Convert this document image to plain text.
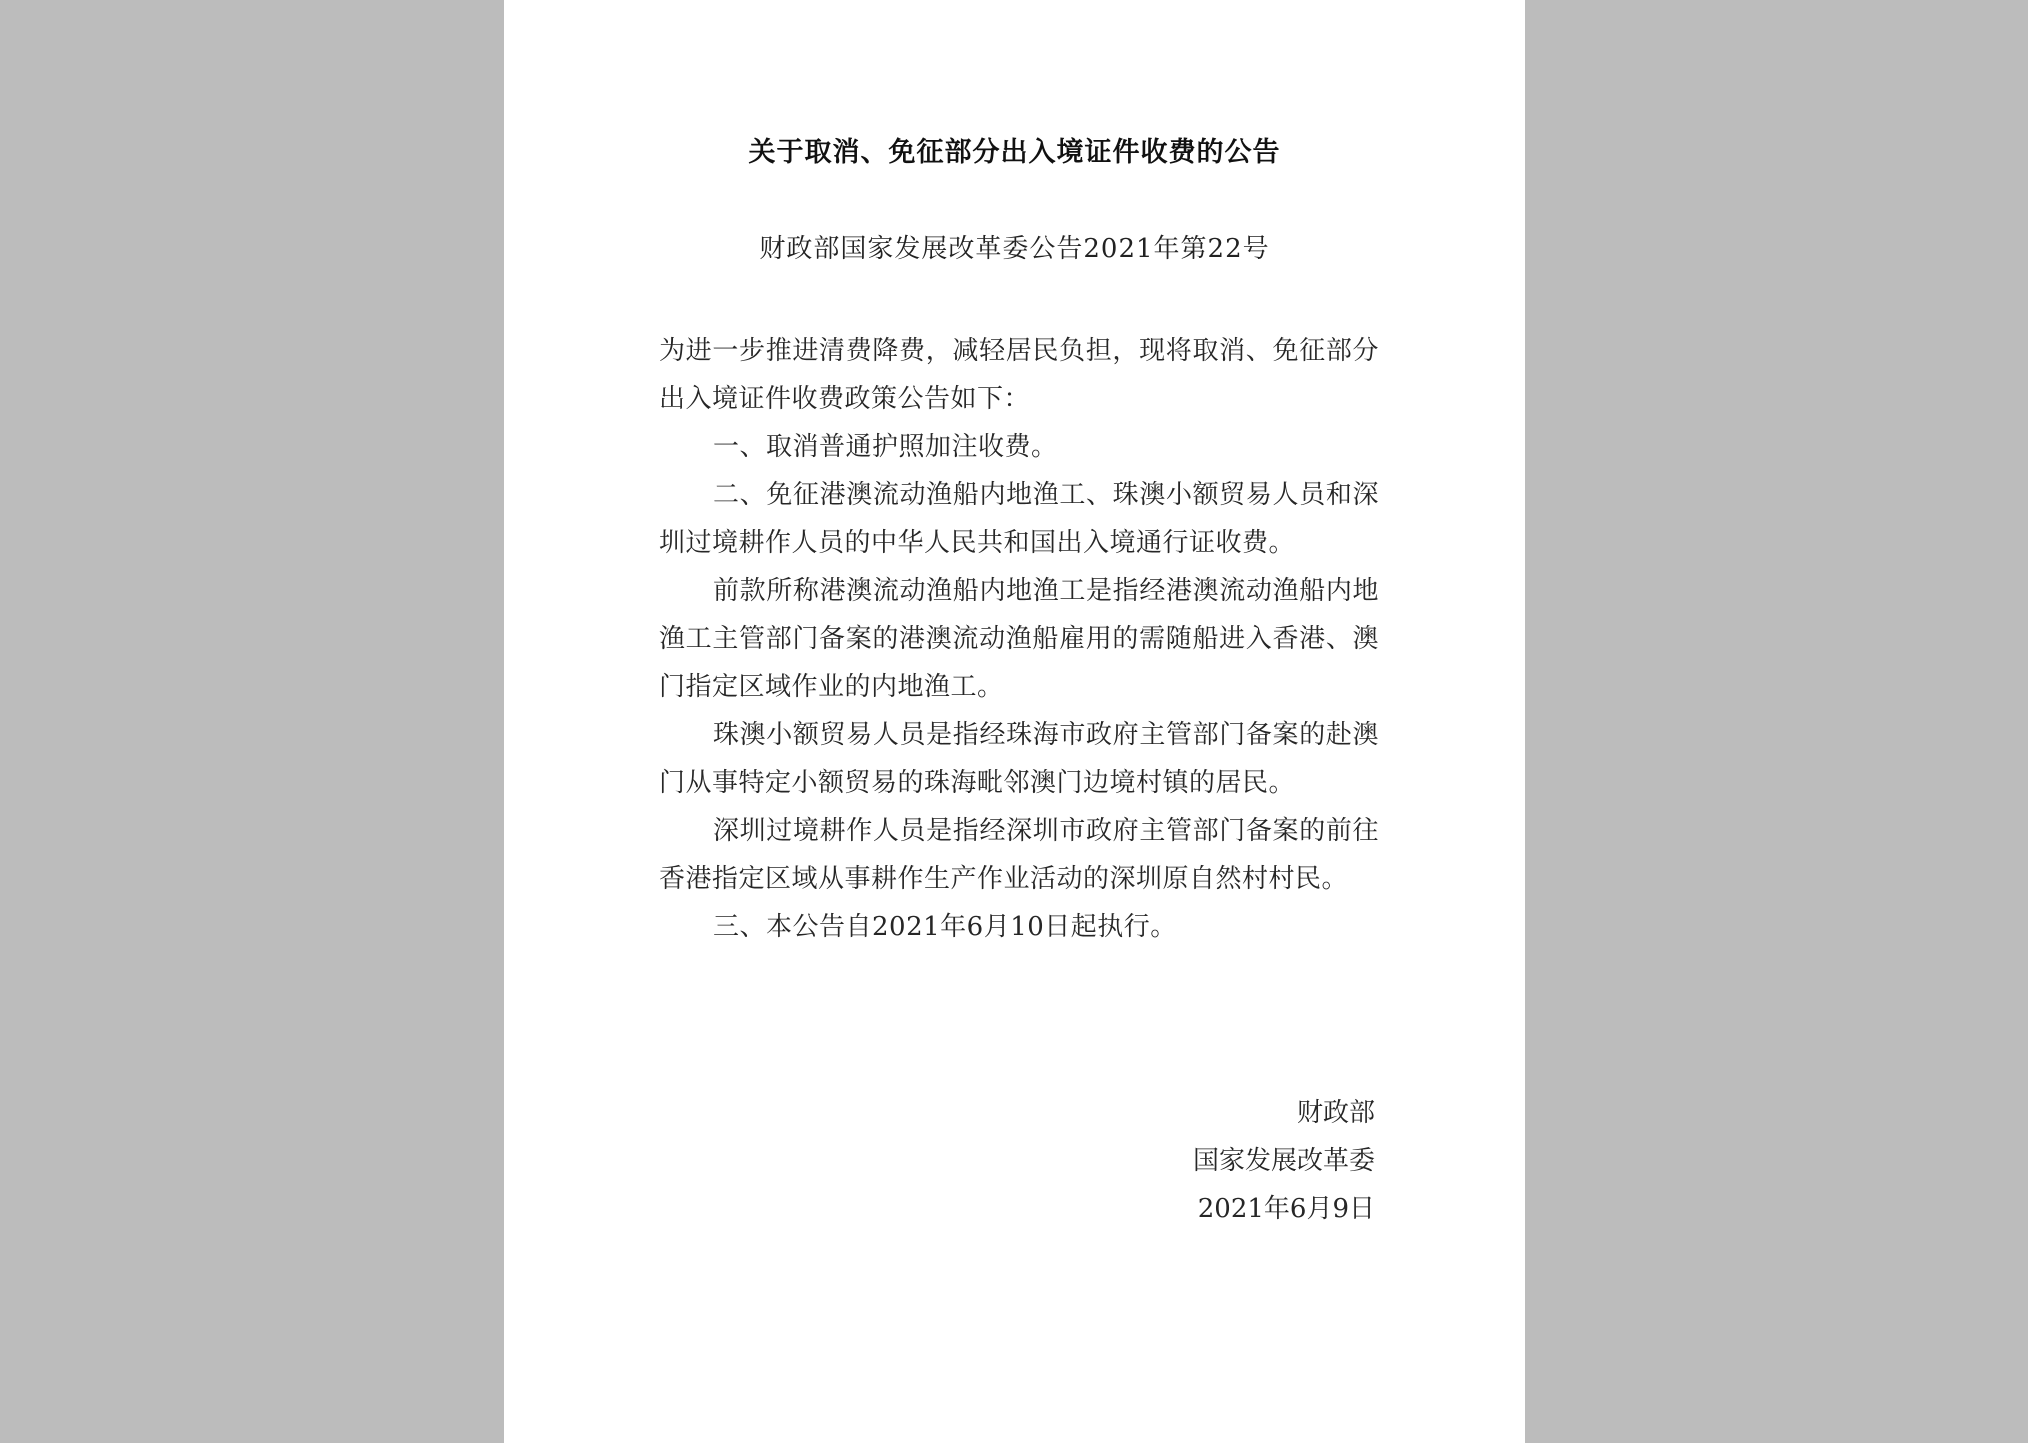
关于取消、免征部分出入境证件收费的公告
财政部国家发展改革委公告2021年第22号

为进一步推进清费降费，减轻居民负担，现将取消、免征部分出入境证件收费政策公告如下：

一、取消普通护照加注收费。

二、免征港澳流动渔船内地渔工、珠澳小额贸易人员和深圳过境耕作人员的中华人民共和国出入境通行证收费。

前款所称港澳流动渔船内地渔工是指经港澳流动渔船内地渔工主管部门备案的港澳流动渔船雇用的需随船进入香港、澳门指定区域作业的内地渔工。

珠澳小额贸易人员是指经珠海市政府主管部门备案的赴澳门从事特定小额贸易的珠海毗邻澳门边境村镇的居民。

深圳过境耕作人员是指经深圳市政府主管部门备案的前往香港指定区域从事耕作生产作业活动的深圳原自然村村民。

三、本公告自2021年6月10日起执行。

财政部
国家发展改革委
2021年6月9日
